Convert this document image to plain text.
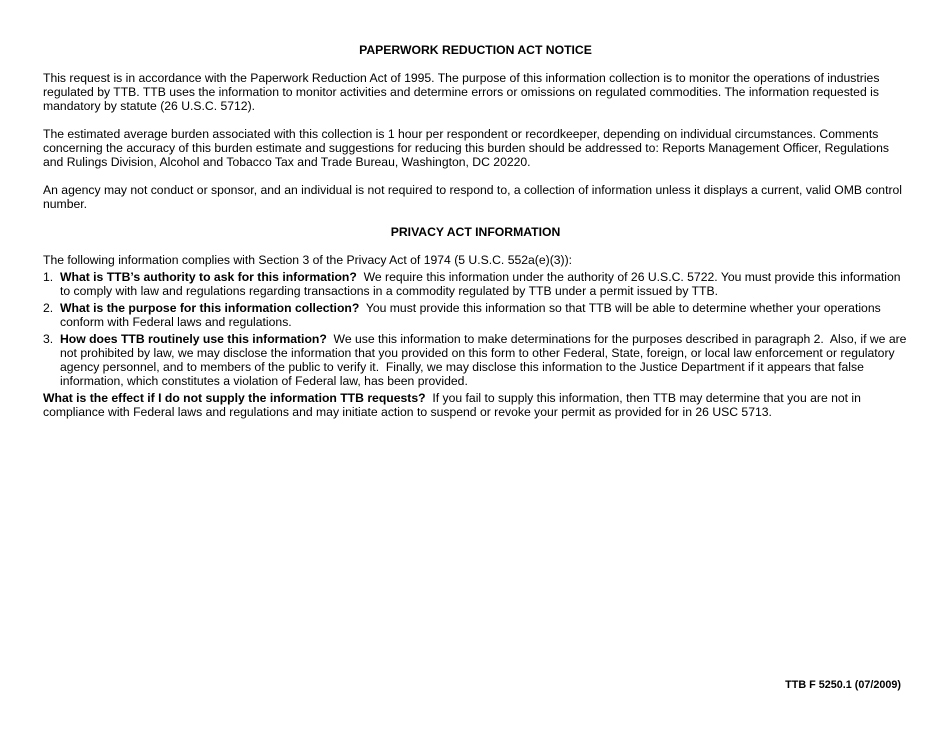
PAPERWORK REDUCTION ACT NOTICE

This request is in accordance with the Paperwork Reduction Act of 1995. The purpose of this information collection is to monitor the operations of industries regulated by TTB. TTB uses the information to monitor activities and determine errors or omissions on regulated commodities. The information requested is mandatory by statute (26 U.S.C. 5712).

The estimated average burden associated with this collection is 1 hour per respondent or recordkeeper, depending on individual circumstances. Comments concerning the accuracy of this burden estimate and suggestions for reducing this burden should be addressed to: Reports Management Officer, Regulations and Rulings Division, Alcohol and Tobacco Tax and Trade Bureau, Washington, DC 20220.

An agency may not conduct or sponsor, and an individual is not required to respond to, a collection of information unless it displays a current, valid OMB control number.

PRIVACY ACT INFORMATION

The following information complies with Section 3 of the Privacy Act of 1974 (5 U.S.C. 552a(e)(3)):

1. What is TTB’s authority to ask for this information?  We require this information under the authority of 26 U.S.C. 5722. You must provide this information to comply with law and regulations regarding transactions in a commodity regulated by TTB under a permit issued by TTB.
2. What is the purpose for this information collection?  You must provide this information so that TTB will be able to determine whether your operations conform with Federal laws and regulations.
3. How does TTB routinely use this information?  We use this information to make determinations for the purposes described in paragraph 2.  Also, if we are not prohibited by law, we may disclose the information that you provided on this form to other Federal, State, foreign, or local law enforcement or regulatory agency personnel, and to members of the public to verify it.  Finally, we may disclose this information to the Justice Department if it appears that false information, which constitutes a violation of Federal law, has been provided.

What is the effect if I do not supply the information TTB requests?  If you fail to supply this information, then TTB may determine that you are not in compliance with Federal laws and regulations and may initiate action to suspend or revoke your permit as provided for in 26 USC 5713.

TTB F 5250.1 (07/2009)
